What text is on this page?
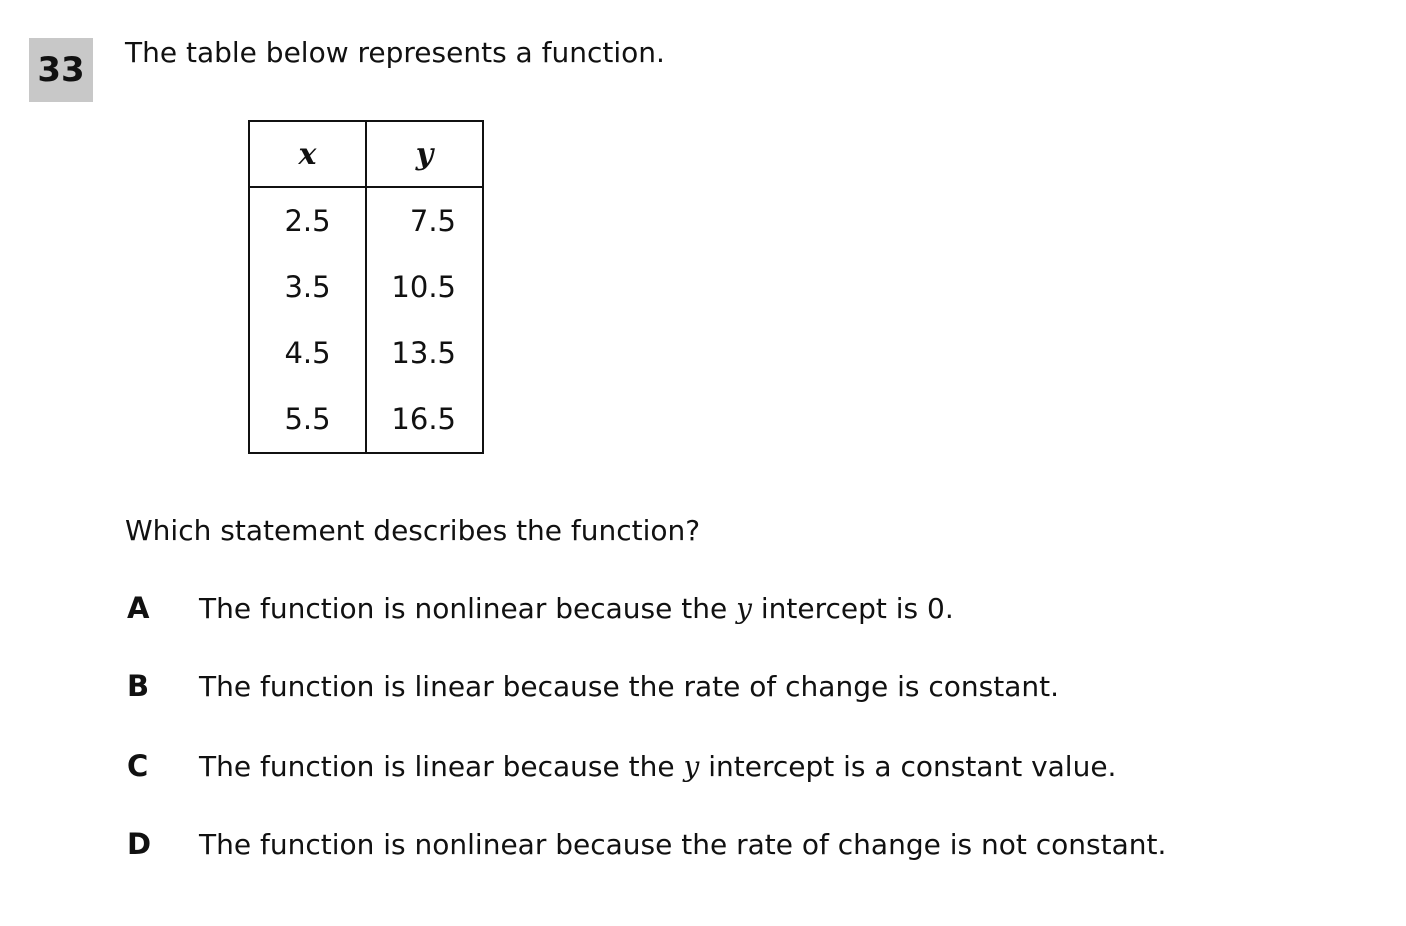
33 The table below represents a function.
x	y
2.5	7.5
3.5	10.5
4.5	13.5
5.5	16.5
Which statement describes the function?
A	The function is nonlinear because the y intercept is 0.
B	The function is linear because the rate of change is constant.
C	The function is linear because the y intercept is a constant value.
D	The function is nonlinear because the rate of change is not constant.
